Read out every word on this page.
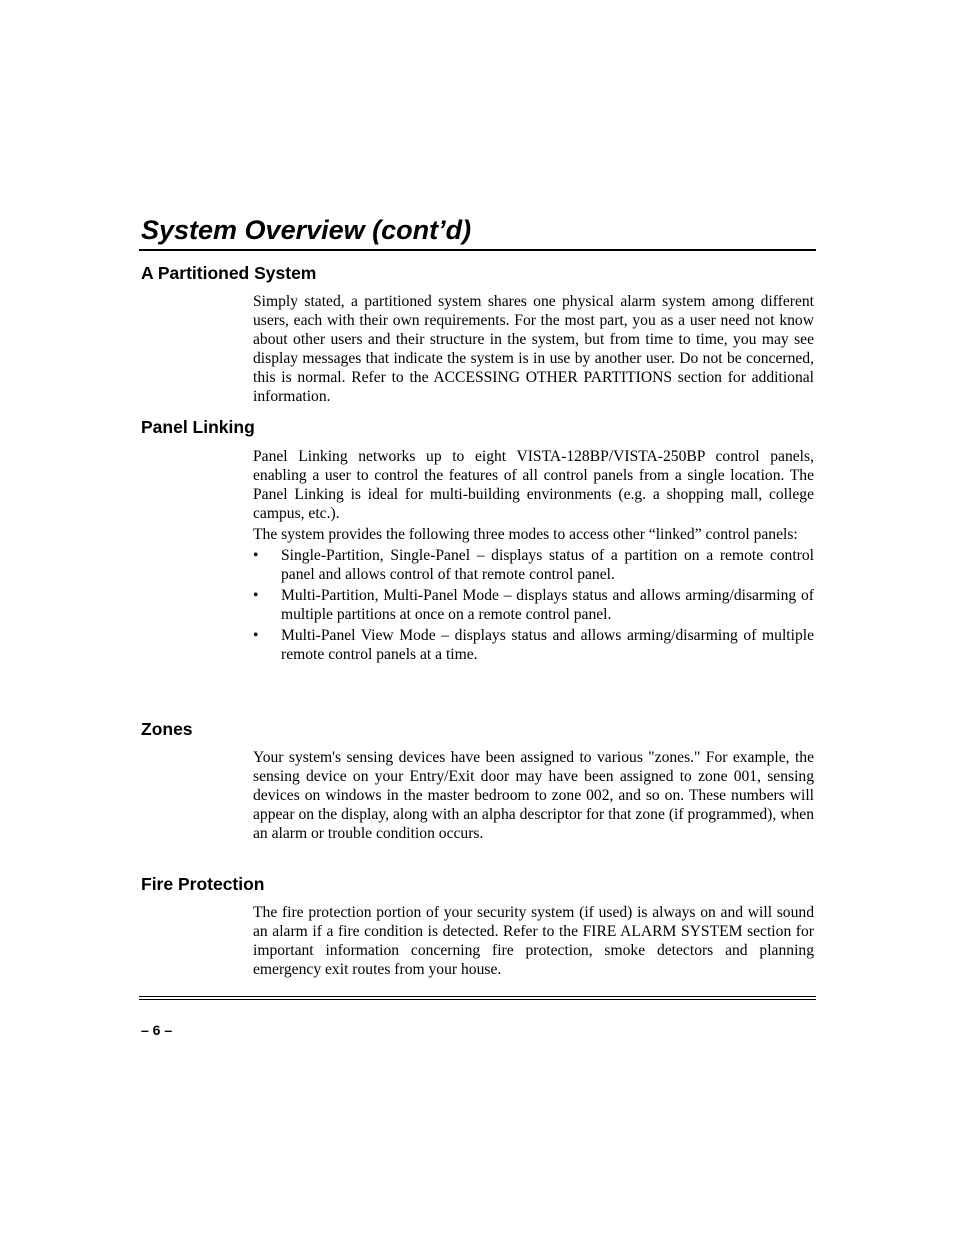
System Overview (cont’d)
A Partitioned System

Simply stated, a partitioned system shares one physical alarm system among different users, each with their own requirements. For the most part, you as a user need not know about other users and their structure in the system, but from time to time, you may see display messages that indicate the system is in use by another user. Do not be concerned, this is normal. Refer to the ACCESSING OTHER PARTITIONS section for additional information.

Panel Linking

Panel Linking networks up to eight VISTA-128BP/VISTA-250BP control panels, enabling a user to control the features of all control panels from a single location. The Panel Linking is ideal for multi-building environments (e.g. a shopping mall, college campus, etc.).

The system provides the following three modes to access other “linked” control panels:

• Single-Partition, Single-Panel – displays status of a partition on a remote control panel and allows control of that remote control panel.
• Multi-Partition, Multi-Panel Mode – displays status and allows arming/disarming of multiple partitions at once on a remote control panel.
• Multi-Panel View Mode – displays status and allows arming/disarming of multiple remote control panels at a time.
Zones

Your system's sensing devices have been assigned to various "zones." For example, the sensing device on your Entry/Exit door may have been assigned to zone 001, sensing devices on windows in the master bedroom to zone 002, and so on. These numbers will appear on the display, along with an alpha descriptor for that zone (if programmed), when an alarm or trouble condition occurs.

Fire Protection

The fire protection portion of your security system (if used) is always on and will sound an alarm if a fire condition is detected. Refer to the FIRE ALARM SYSTEM section for important information concerning fire protection, smoke detectors and planning emergency exit routes from your house.

– 6 –
